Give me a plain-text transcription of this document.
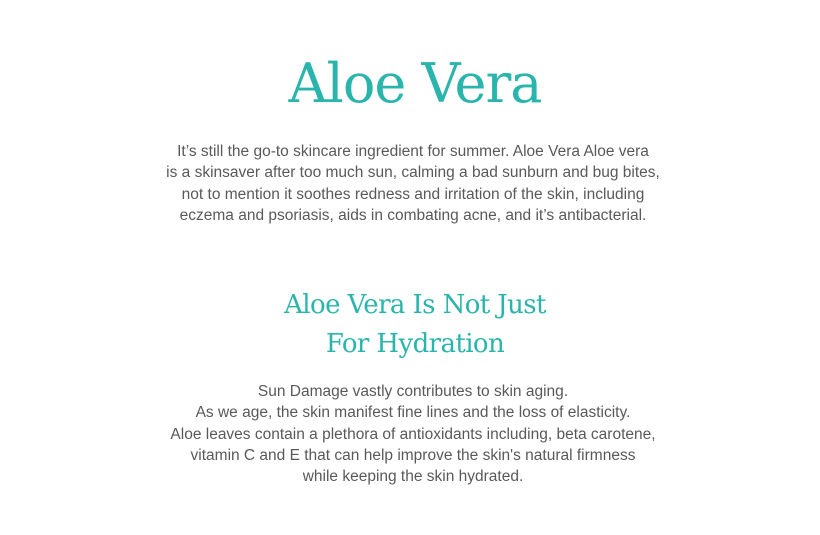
Aloe Vera

It’s still the go-to skincare ingredient for summer. Aloe Vera Aloe vera
is a skinsaver after too much sun, calming a bad sunburn and bug bites,
not to mention it soothes redness and irritation of the skin, including
eczema and psoriasis, aids in combating acne, and it’s antibacterial.

Aloe Vera Is Not Just
For Hydration

Sun Damage vastly contributes to skin aging.
As we age, the skin manifest fine lines and the loss of elasticity.
Aloe leaves contain a plethora of antioxidants including, beta carotene,
vitamin C and E that can help improve the skin's natural firmness
while keeping the skin hydrated.
